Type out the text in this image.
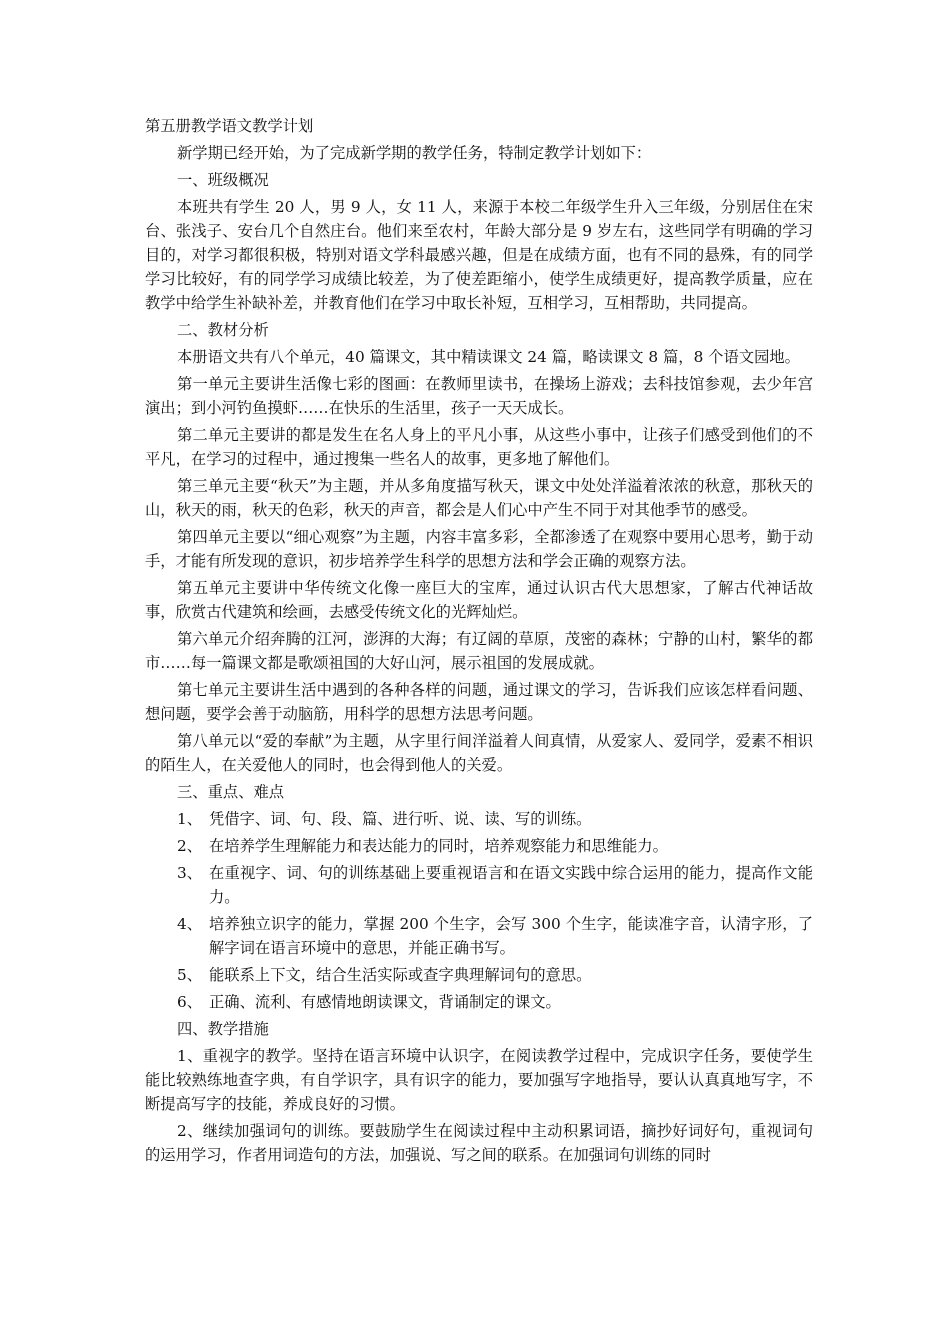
第五册教学语文教学计划
新学期已经开始，为了完成新学期的教学任务，特制定教学计划如下：
一、班级概况
本班共有学生 20 人，男 9 人，女 11 人，来源于本校二年级学生升入三年级，分别居住在宋台、张浅子、安台几个自然庄台。他们来至农村，年龄大部分是 9 岁左右，这些同学有明确的学习目的，对学习都很积极，特别对语文学科最感兴趣，但是在成绩方面，也有不同的悬殊，有的同学学习比较好，有的同学学习成绩比较差，为了使差距缩小，使学生成绩更好，提高教学质量，应在教学中给学生补缺补差，并教育他们在学习中取长补短，互相学习，互相帮助，共同提高。
二、教材分析
本册语文共有八个单元，40 篇课文，其中精读课文 24 篇，略读课文 8 篇，8 个语文园地。
第一单元主要讲生活像七彩的图画：在教师里读书，在操场上游戏；去科技馆参观，去少年宫演出；到小河钓鱼摸虾……在快乐的生活里，孩子一天天成长。
第二单元主要讲的都是发生在名人身上的平凡小事，从这些小事中，让孩子们感受到他们的不平凡，在学习的过程中，通过搜集一些名人的故事，更多地了解他们。
第三单元主要“秋天”为主题，并从多角度描写秋天，课文中处处洋溢着浓浓的秋意，那秋天的山，秋天的雨，秋天的色彩，秋天的声音，都会是人们心中产生不同于对其他季节的感受。
第四单元主要以“细心观察”为主题，内容丰富多彩，全都渗透了在观察中要用心思考，勤于动手，才能有所发现的意识，初步培养学生科学的思想方法和学会正确的观察方法。
第五单元主要讲中华传统文化像一座巨大的宝库，通过认识古代大思想家，了解古代神话故事，欣赏古代建筑和绘画，去感受传统文化的光辉灿烂。
第六单元介绍奔腾的江河，澎湃的大海；有辽阔的草原，茂密的森林；宁静的山村，繁华的都市……每一篇课文都是歌颂祖国的大好山河，展示祖国的发展成就。
第七单元主要讲生活中遇到的各种各样的问题，通过课文的学习，告诉我们应该怎样看问题、想问题，要学会善于动脑筋，用科学的思想方法思考问题。
第八单元以“爱的奉献”为主题，从字里行间洋溢着人间真情，从爱家人、爱同学，爱素不相识的陌生人，在关爱他人的同时，也会得到他人的关爱。
三、重点、难点
1、 凭借字、词、句、段、篇、进行听、说、读、写的训练。
2、 在培养学生理解能力和表达能力的同时，培养观察能力和思维能力。
3、 在重视字、词、句的训练基础上要重视语言和在语文实践中综合运用的能力，提高作文能力。
4、 培养独立识字的能力，掌握 200 个生字，会写 300 个生字，能读准字音，认清字形，了解字词在语言环境中的意思，并能正确书写。
5、 能联系上下文，结合生活实际或查字典理解词句的意思。
6、 正确、流利、有感情地朗读课文，背诵制定的课文。
四、教学措施
1、重视字的教学。坚持在语言环境中认识字，在阅读教学过程中，完成识字任务，要使学生能比较熟练地查字典，有自学识字，具有识字的能力，要加强写字地指导，要认认真真地写字，不断提高写字的技能，养成良好的习惯。
2、继续加强词句的训练。要鼓励学生在阅读过程中主动积累词语，摘抄好词好句，重视词句的运用学习，作者用词造句的方法，加强说、写之间的联系。在加强词句训练的同时
